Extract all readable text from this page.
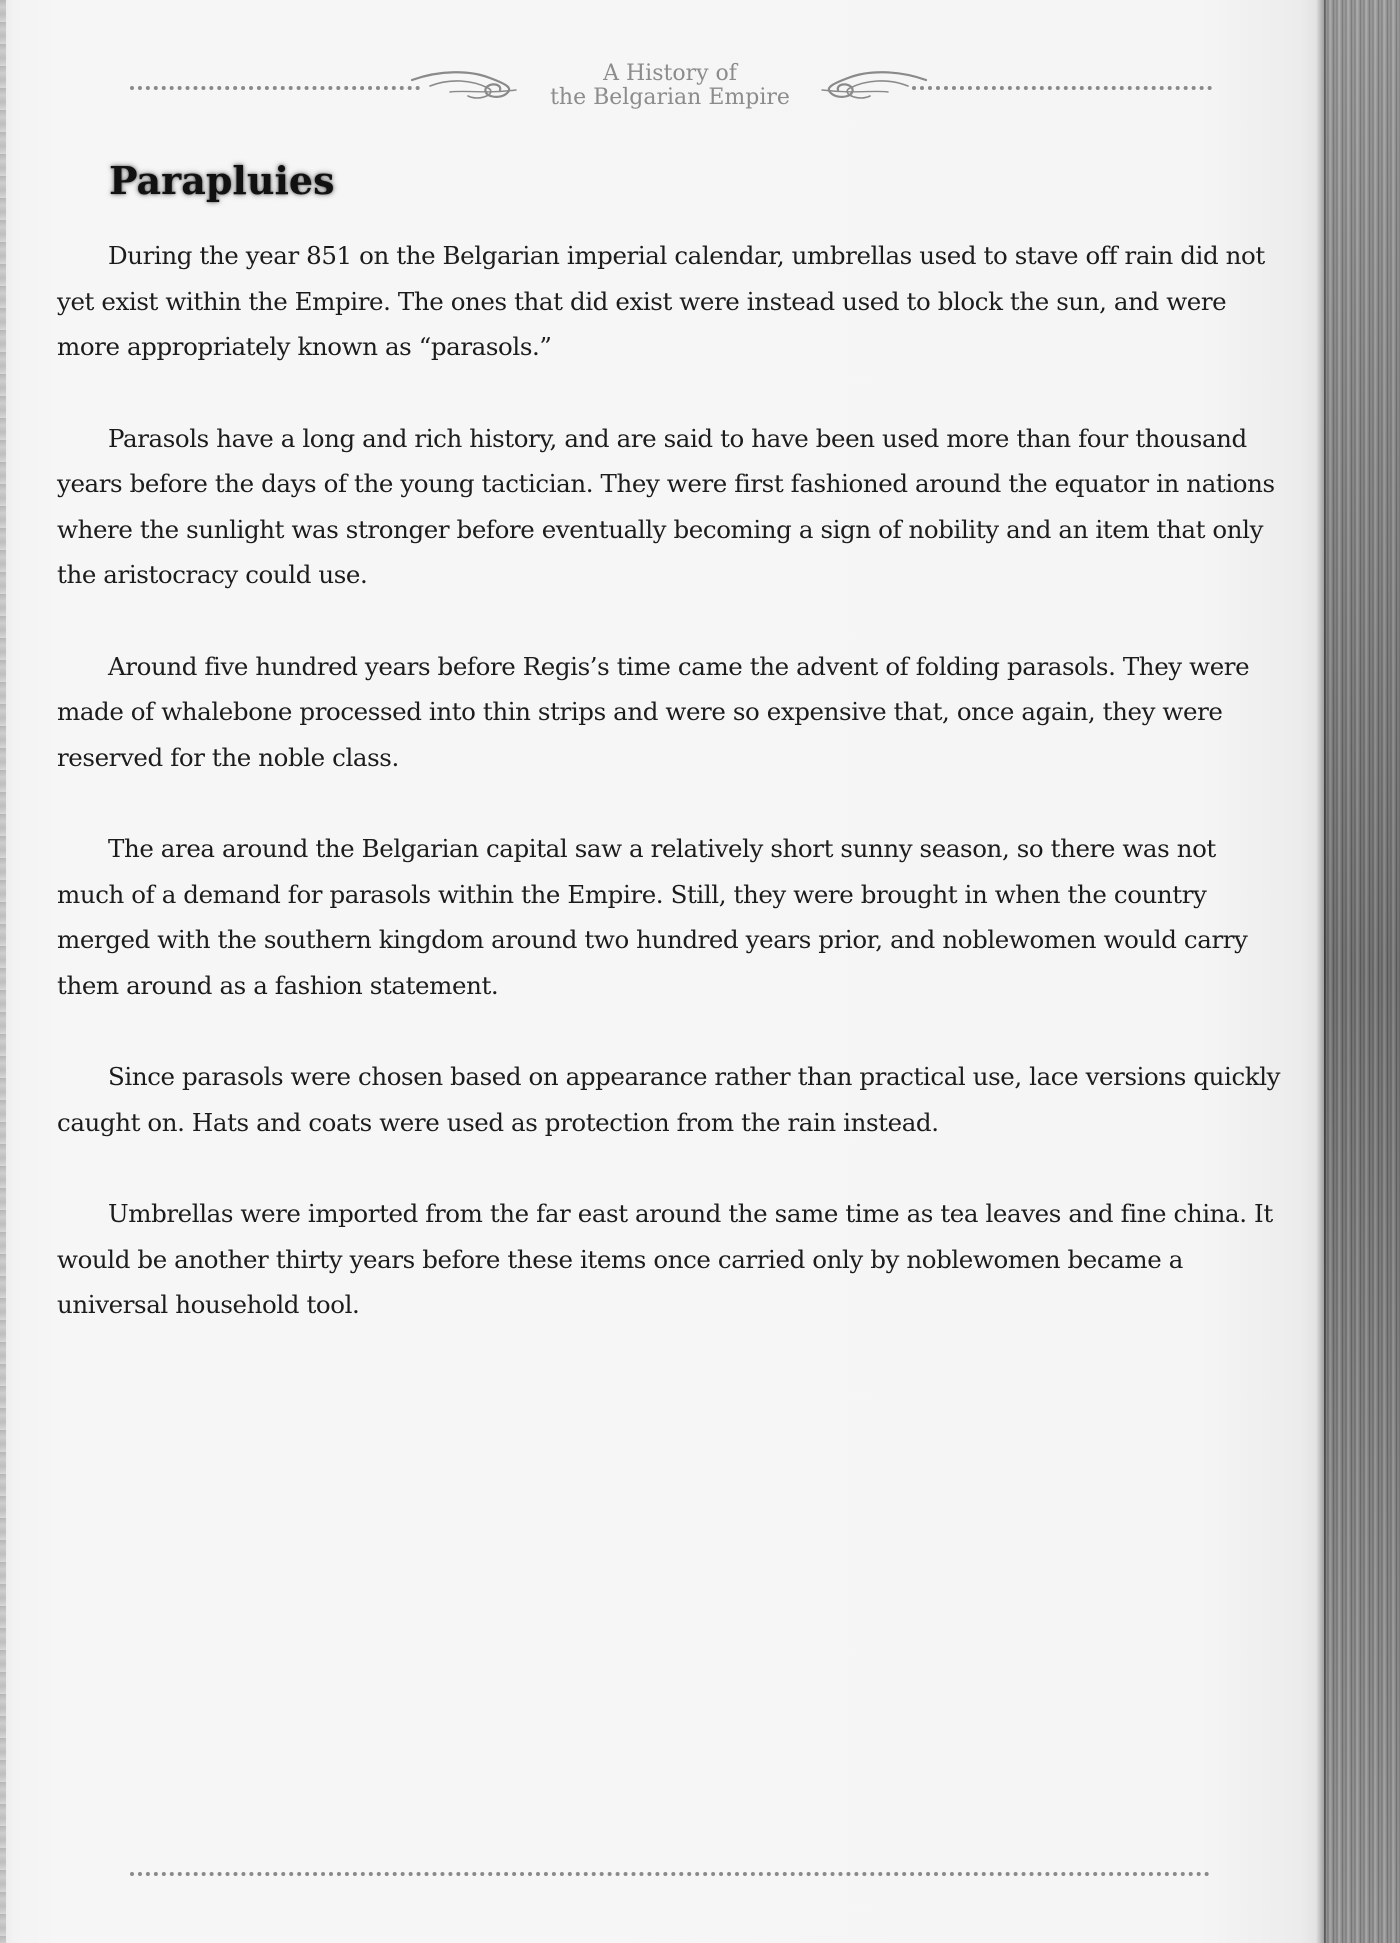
A History of
the Belgarian Empire
Parapluies

During the year 851 on the Belgarian imperial calendar, umbrellas used to stave off rain did not yet exist within the Empire. The ones that did exist were instead used to block the sun, and were more appropriately known as “parasols.”

Parasols have a long and rich history, and are said to have been used more than four thousand years before the days of the young tactician. They were first fashioned around the equator in nations where the sunlight was stronger before eventually becoming a sign of nobility and an item that only the aristocracy could use.

Around five hundred years before Regis’s time came the advent of folding parasols. They were made of whalebone processed into thin strips and were so expensive that, once again, they were reserved for the noble class.

The area around the Belgarian capital saw a relatively short sunny season, so there was not much of a demand for parasols within the Empire. Still, they were brought in when the country merged with the southern kingdom around two hundred years prior, and noblewomen would carry them around as a fashion statement.

Since parasols were chosen based on appearance rather than practical use, lace versions quickly caught on. Hats and coats were used as protection from the rain instead.

Umbrellas were imported from the far east around the same time as tea leaves and fine china. It would be another thirty years before these items once carried only by noblewomen became a universal household tool.
